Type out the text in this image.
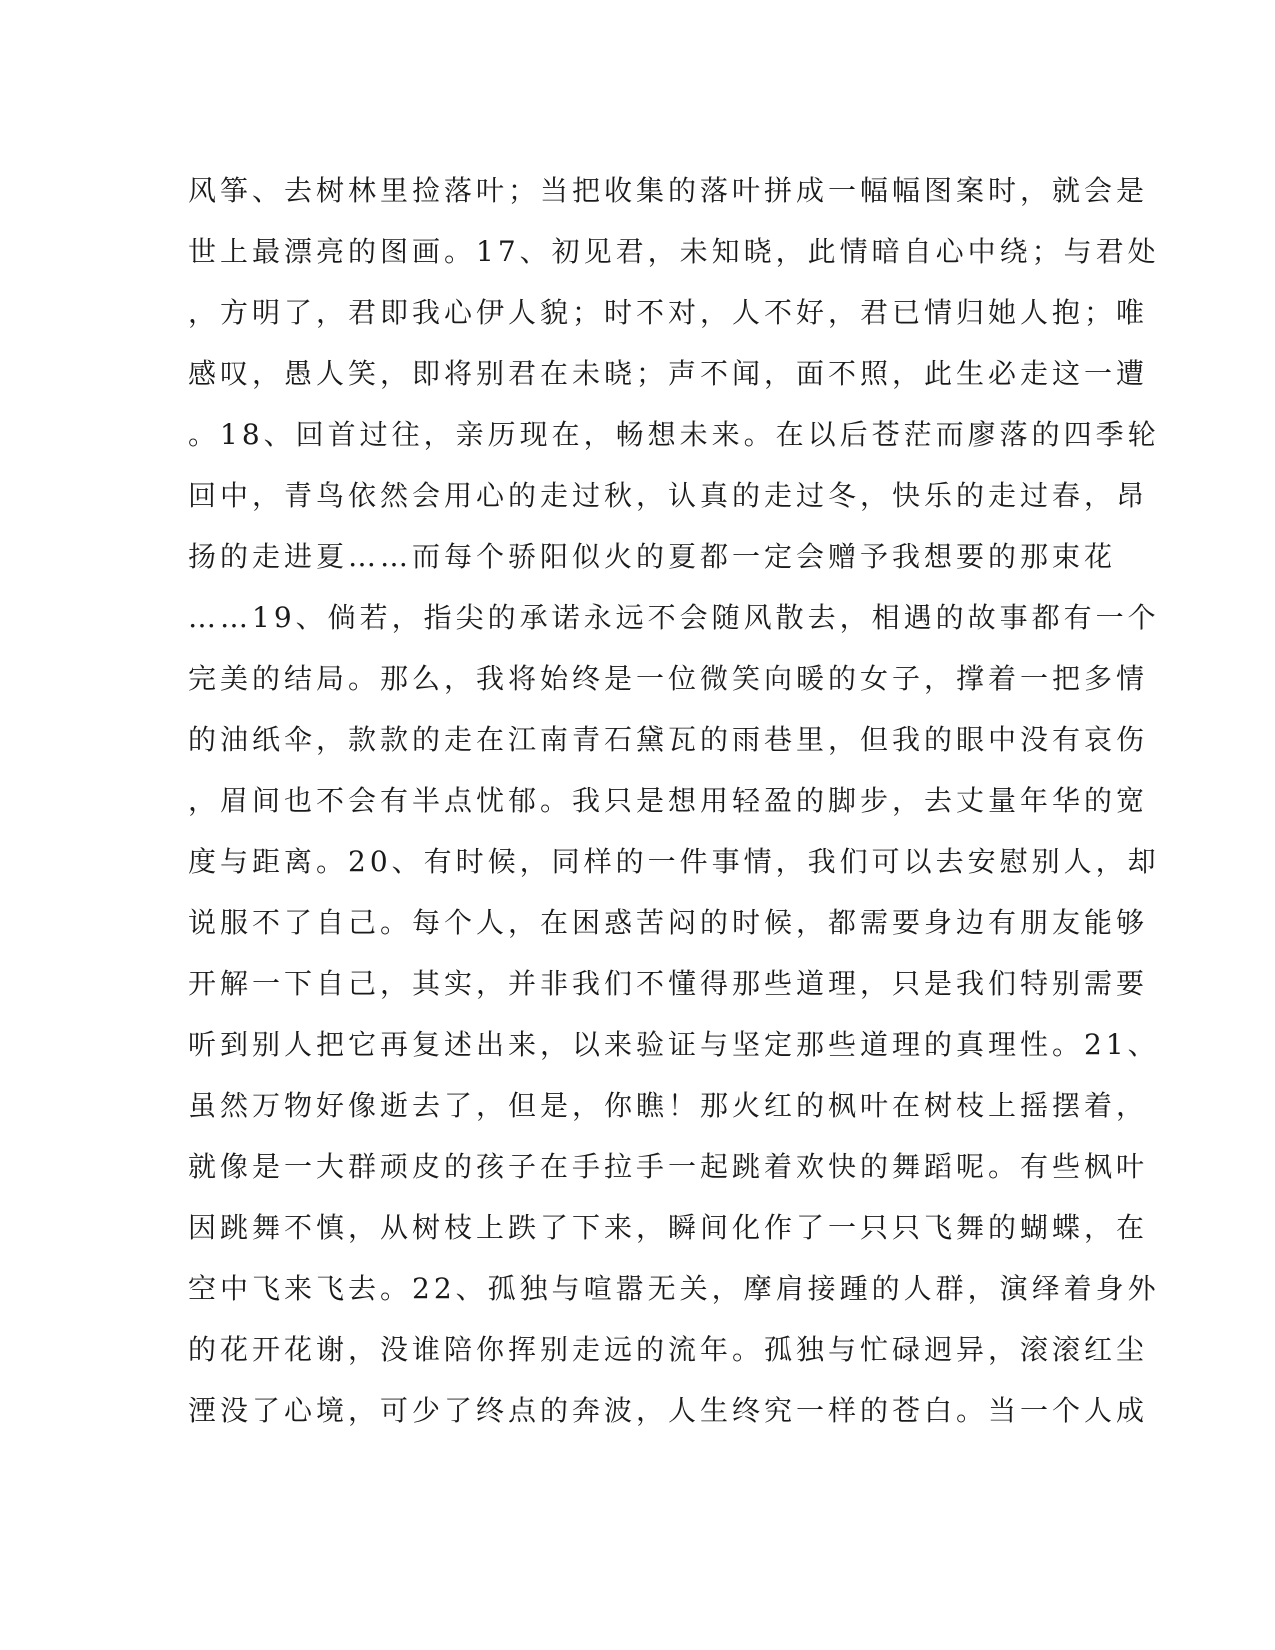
风筝、去树林里捡落叶；当把收集的落叶拼成一幅幅图案时，就会是
世上最漂亮的图画。17、初见君，未知晓，此情暗自心中绕；与君处
，方明了，君即我心伊人貌；时不对，人不好，君已情归她人抱；唯
感叹，愚人笑，即将别君在未晓；声不闻，面不照，此生必走这一遭
。18、回首过往，亲历现在，畅想未来。在以后苍茫而廖落的四季轮
回中，青鸟依然会用心的走过秋，认真的走过冬，快乐的走过春，昂
扬的走进夏……而每个骄阳似火的夏都一定会赠予我想要的那束花
……19、倘若，指尖的承诺永远不会随风散去，相遇的故事都有一个
完美的结局。那么，我将始终是一位微笑向暖的女子，撑着一把多情
的油纸伞，款款的走在江南青石黛瓦的雨巷里，但我的眼中没有哀伤
，眉间也不会有半点忧郁。我只是想用轻盈的脚步，去丈量年华的宽
度与距离。20、有时候，同样的一件事情，我们可以去安慰别人，却
说服不了自己。每个人，在困惑苦闷的时候，都需要身边有朋友能够
开解一下自己，其实，并非我们不懂得那些道理，只是我们特别需要
听到别人把它再复述出来，以来验证与坚定那些道理的真理性。21、
虽然万物好像逝去了，但是，你瞧！那火红的枫叶在树枝上摇摆着，
就像是一大群顽皮的孩子在手拉手一起跳着欢快的舞蹈呢。有些枫叶
因跳舞不慎，从树枝上跌了下来，瞬间化作了一只只飞舞的蝴蝶，在
空中飞来飞去。22、孤独与喧嚣无关，摩肩接踵的人群，演绎着身外
的花开花谢，没谁陪你挥别走远的流年。孤独与忙碌迥异，滚滚红尘
湮没了心境，可少了终点的奔波，人生终究一样的苍白。当一个人成
